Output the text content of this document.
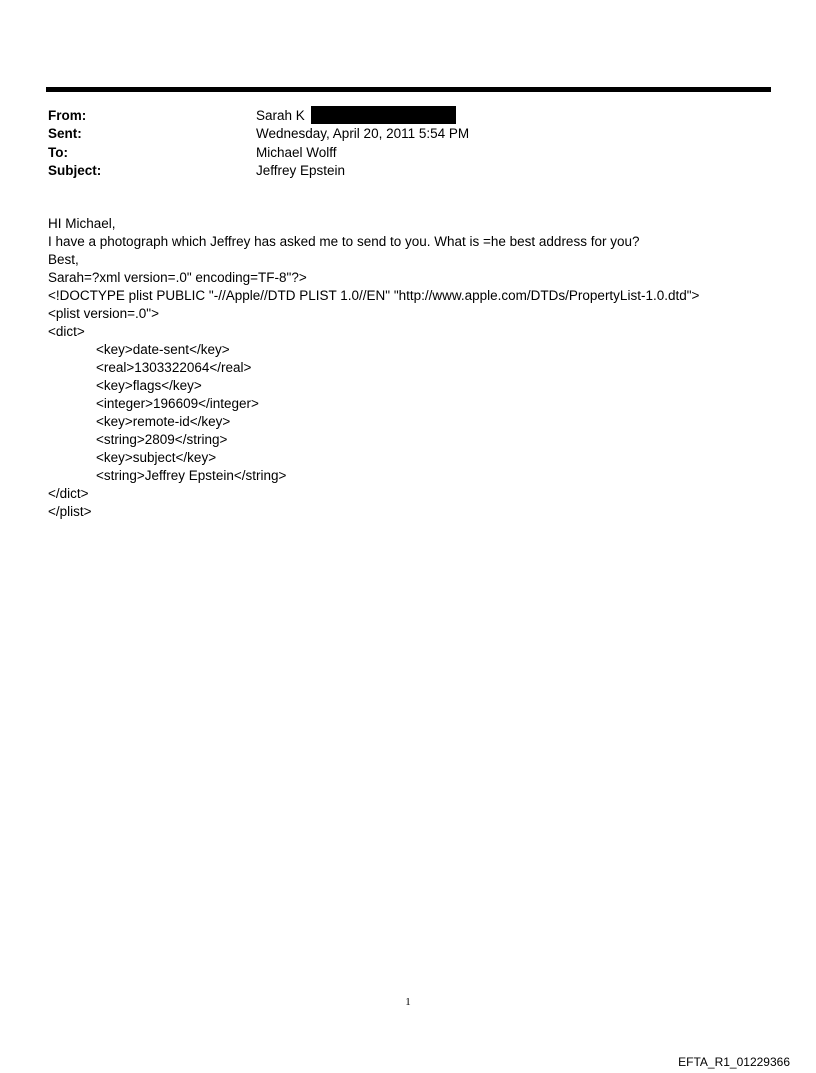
From:	Sarah K
Sent:	Wednesday, April 20, 2011 5:54 PM
To:	Michael Wolff
Subject:	Jeffrey Epstein
HI Michael,
I have a photograph which Jeffrey has asked me to send to you. What is =he best address for you?
Best,
Sarah=?xml version=.0" encoding=TF-8"?>
<!DOCTYPE plist PUBLIC "-//Apple//DTD PLIST 1.0//EN" "http://www.apple.com/DTDs/PropertyList-1.0.dtd">
<plist version=.0">
<dict>
<key>date-sent</key>
<real>1303322064</real>
<key>flags</key>
<integer>196609</integer>
<key>remote-id</key>
<string>2809</string>
<key>subject</key>
<string>Jeffrey Epstein</string>
</dict>
</plist>
1
EFTA_R1_01229366
